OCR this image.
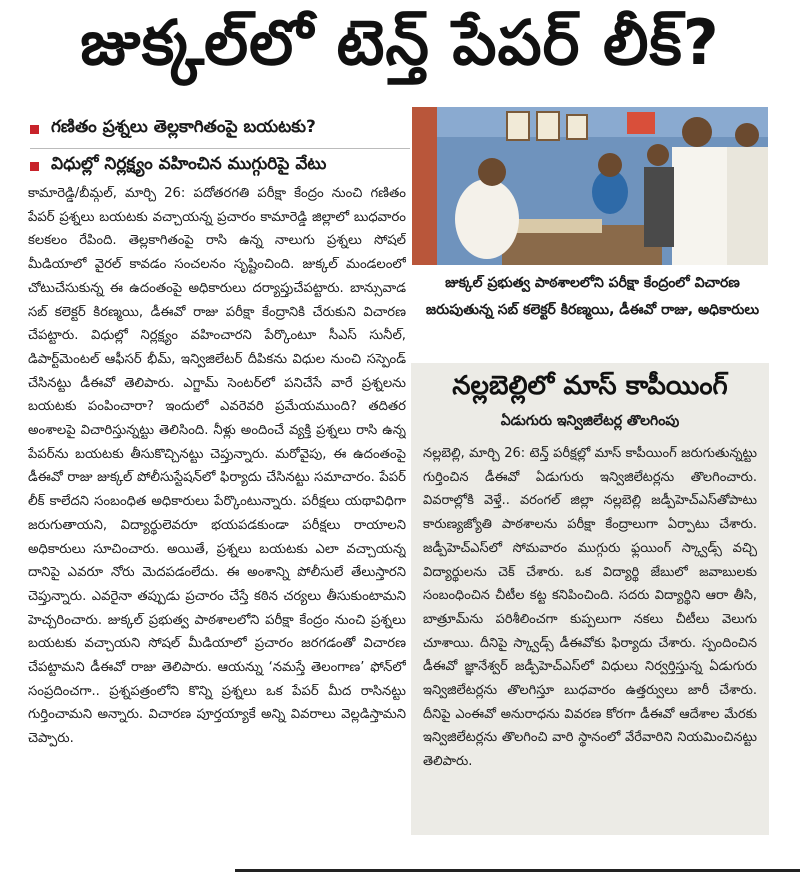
జుక్కల్‌లో టెన్త్‌ పేపర్‌ లీక్‌?
గణితం ప్రశ్నలు తెల్లకాగితంపై బయటకు?
విధుల్లో నిర్లక్ష్యం వహించిన ముగ్గురిపై వేటు

కామారెడ్డి/బీమ్గల్‌, మార్చి 26: పదోతరగతి పరీక్షా కేంద్రం నుంచి గణితం పేపర్‌ ప్రశ్నలు బయటకు వచ్చాయన్న ప్రచారం కామారెడ్డి జిల్లాలో బుధవారం కలకలం రేపింది. తెల్లకాగితంపై రాసి ఉన్న నాలుగు ప్రశ్నలు సోషల్‌ మీడియాలో వైరల్‌ కావడం సంచలనం సృష్టించింది. జుక్కల్‌ మండలంలో చోటుచేసుకున్న ఈ ఉదంతంపై అధికారులు దర్యాప్తుచేపట్టారు. బాన్సువాడ సబ్‌ కలెక్టర్‌ కిరణ్మయి, డీఈవో రాజు పరీక్షా కేంద్రానికి చేరుకుని విచారణ చేపట్టారు. విధుల్లో నిర్లక్ష్యం వహించారని పేర్కొంటూ సీఎస్‌ సునీల్‌, డిపార్ట్‌మెంటల్‌ ఆఫీసర్‌ భీమ్‌, ఇన్విజిలేటర్‌ దీపికను విధుల నుంచి సస్పెండ్‌ చేసినట్టు డీఈవో తెలిపారు. ఎగ్జామ్‌ సెంటర్‌లో పనిచేసే వారే ప్రశ్నలను బయటకు పంపించారా? ఇందులో ఎవరెవరి ప్రమేయముంది? తదితర అంశాలపై విచారిస్తున్నట్టు తెలిసింది. నీళ్లు అందించే వ్యక్తి ప్రశ్నలు రాసి ఉన్న పేపర్‌ను బయటకు తీసుకొచ్చినట్టు చెప్తున్నారు. మరోవైపు, ఈ ఉదంతంపై డీఈవో రాజు జుక్కల్‌ పోలీసుస్టేషన్‌లో ఫిర్యాదు చేసినట్టు సమాచారం. పేపర్‌ లీక్‌ కాలేదని సంబంధిత అధికారులు పేర్కొంటున్నారు. పరీక్షలు యథావిధిగా జరుగుతాయని, విద్యార్థులెవరూ భయపడకుండా పరీక్షలు రాయాలని అధికారులు సూచించారు. అయితే, ప్రశ్నలు బయటకు ఎలా వచ్చాయన్న దానిపై ఎవరూ నోరు మెదపడంలేదు. ఈ అంశాన్ని పోలీసులే తేలుస్తారని చెప్తున్నారు. ఎవరైనా తప్పుడు ప్రచారం చేస్తే కఠిన చర్యలు తీసుకుంటామని హెచ్చరించారు. జుక్కల్‌ ప్రభుత్వ పాఠశాలలోని పరీక్షా కేంద్రం నుంచి ప్రశ్నలు బయటకు వచ్చాయని సోషల్‌ మీడియాలో ప్రచారం జరగడంతో విచారణ చేపట్టామని డీఈవో రాజు తెలిపారు. ఆయన్ను ‘నమస్తే తెలంగాణ’ ఫోన్‌లో సంప్రదించగా.. ప్రశ్నపత్రంలోని కొన్ని ప్రశ్నలు ఒక పేపర్‌ మీద రాసినట్టు గుర్తించామని అన్నారు. విచారణ పూర్తయ్యాకే అన్ని వివరాలు వెల్లడిస్తామని చెప్పారు.

జుక్కల్‌ ప్రభుత్వ పాఠశాలలోని పరీక్షా కేంద్రంలో విచారణ జరుపుతున్న సబ్‌ కలెక్టర్‌ కిరణ్మయి, డీఈవో రాజు, అధికారులు
నల్లబెల్లిలో మాస్‌ కాపీయింగ్‌
ఏడుగురు ఇన్విజిలేటర్ల తొలగింపు

నల్లబెల్లి, మార్చి 26: టెన్త్‌ పరీక్షల్లో మాస్‌ కాపీయింగ్‌ జరుగుతున్నట్టు గుర్తించిన డీఈవో ఏడుగురు ఇన్విజిలేటర్లను తొలగించారు. వివరాల్లోకి వెళ్తే.. వరంగల్‌ జిల్లా నల్లబెల్లి జడ్పీహెచ్‌ఎస్‌తోపాటు కారుణ్యజ్యోతి పాఠశాలను పరీక్షా కేంద్రాలుగా ఏర్పాటు చేశారు. జడ్పీహెచ్‌ఎస్‌లో సోమవారం ముగ్గురు ఫ్లయింగ్‌ స్క్వాడ్స్‌ వచ్చి విద్యార్థులను చెక్‌ చేశారు. ఒక విద్యార్థి జేబులో జవాబులకు సంబంధించిన చీటీల కట్ట కనిపించింది. సదరు విద్యార్థిని ఆరా తీసి, బాత్రూమ్‌ను పరిశీలించగా కుప్పలుగా నకలు చీటీలు వెలుగు చూశాయి. దీనిపై స్క్వాడ్స్‌ డీఈవోకు ఫిర్యాదు చేశారు. స్పందించిన డీఈవో జ్ఞానేశ్వర్‌ జడ్పీహెచ్‌ఎస్‌లో విధులు నిర్వర్తిస్తున్న ఏడుగురు ఇన్విజిలేటర్లను తొలగిస్తూ బుధవారం ఉత్తర్వులు జారీ చేశారు. దీనిపై ఎంఈవో అనురాధను వివరణ కోరగా డీఈవో ఆదేశాల మేరకు ఇన్విజిలేటర్లను తొలగించి వారి స్థానంలో వేరేవారిని నియమించినట్టు తెలిపారు.
